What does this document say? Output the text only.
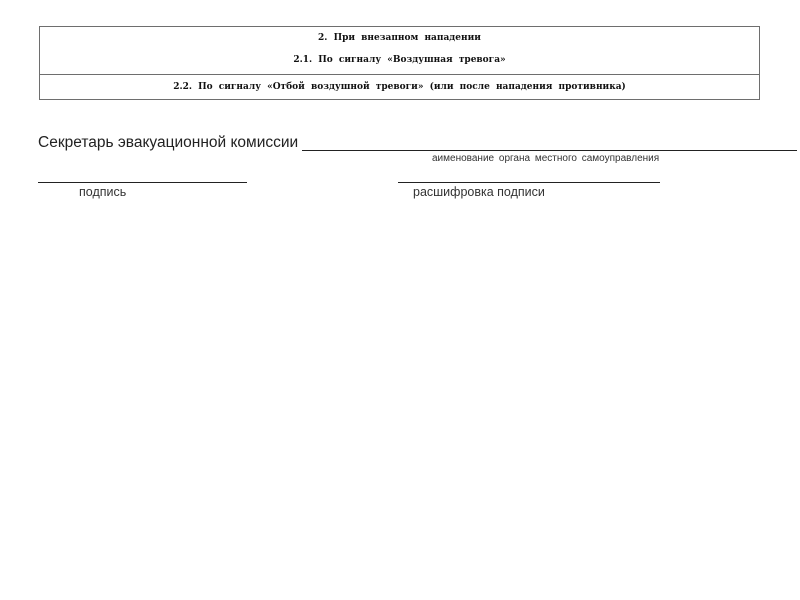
2. При внезапном нападении
2.1. По сигналу «Воздушная тревога»
2.2. По сигналу «Отбой воздушной тревоги» (или после нападения противника)
Секретарь эвакуационной комиссии
аименование органа местного самоуправления
подпись	расшифровка подписи
